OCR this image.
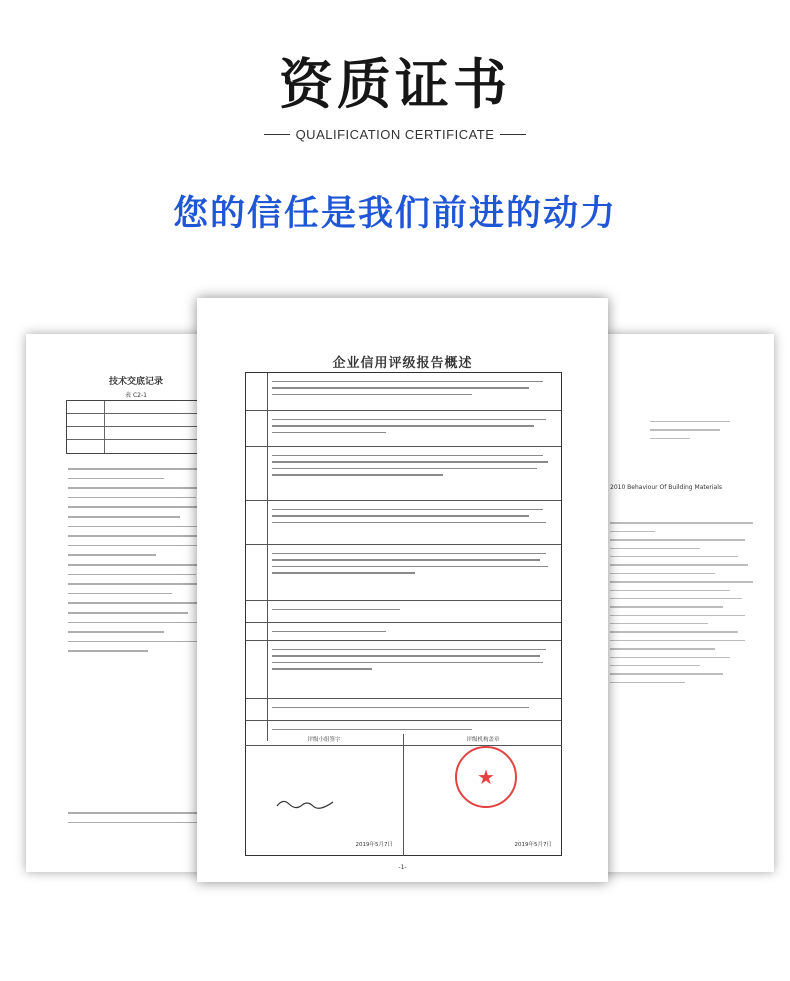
资质证书
QUALIFICATION CERTIFICATE
您的信任是我们前进的动力
技术交底记录
表 C2-1
2010 Behaviour Of Building Materials
企业信用评级报告概述
评级小组签字
2019年5月7日
评级机构盖章
2019年5月7日
★
-1-
